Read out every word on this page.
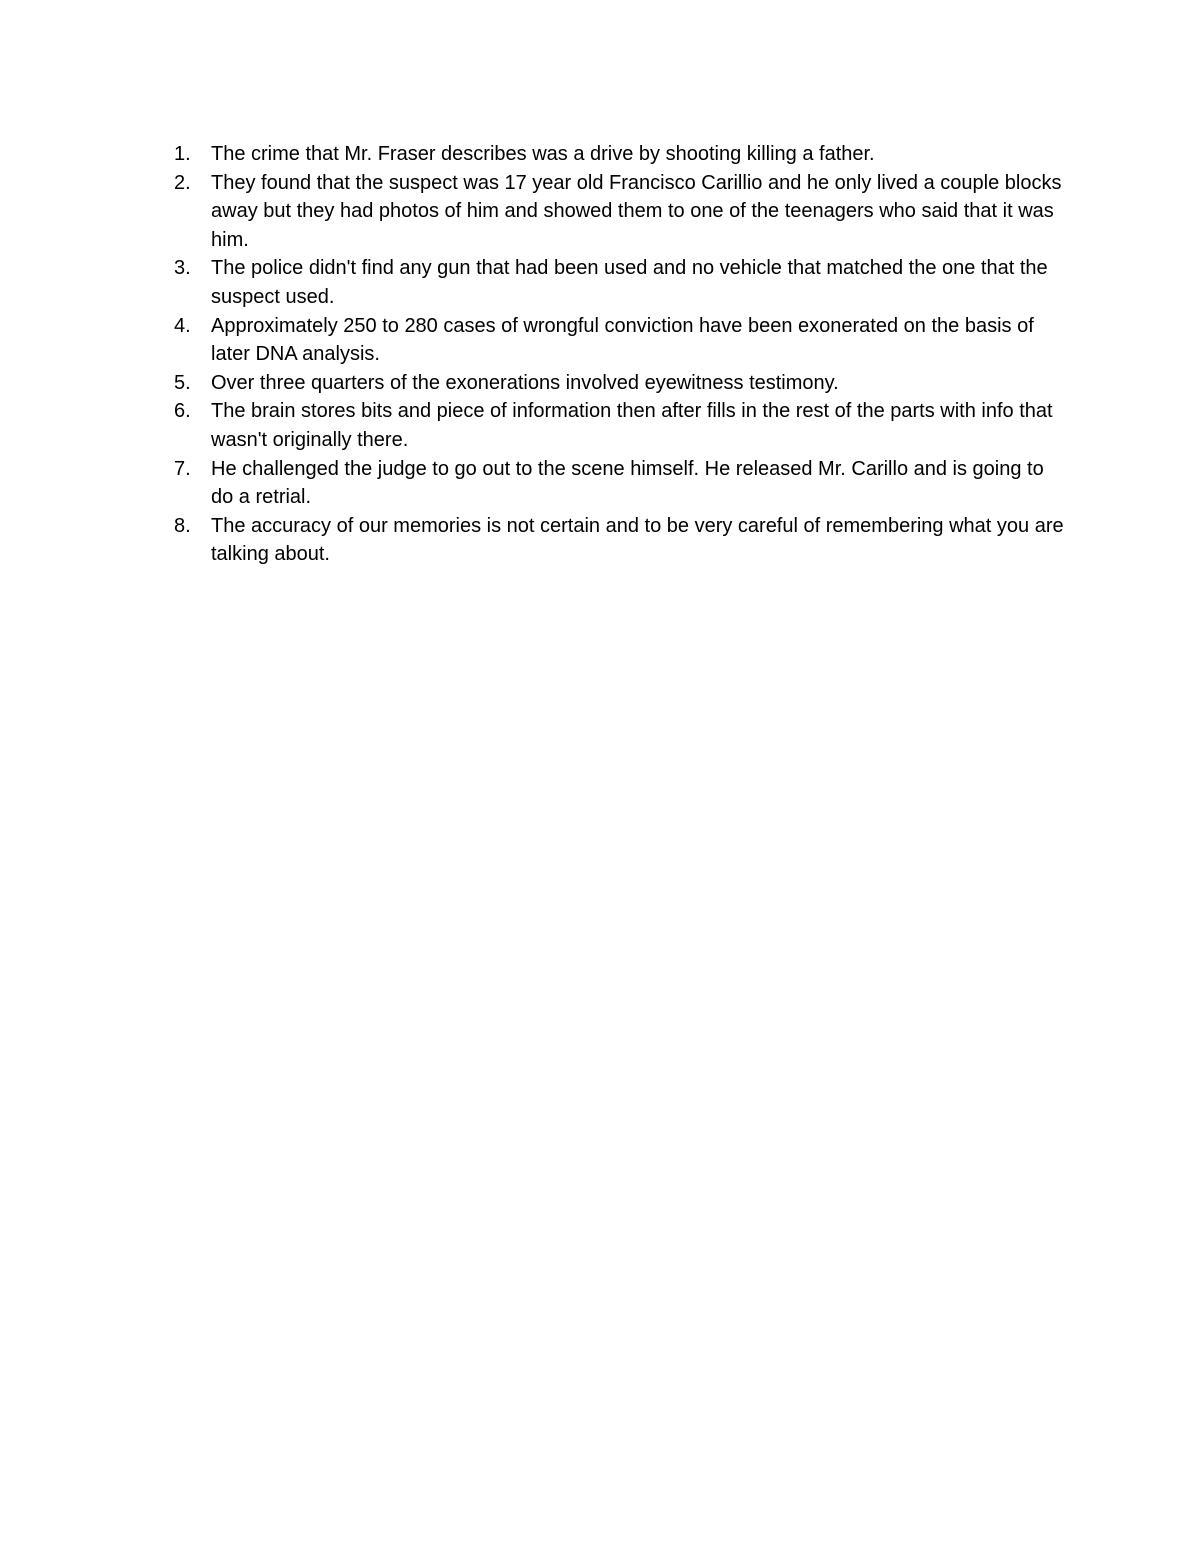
1.	The crime that Mr. Fraser describes was a drive by shooting killing a father.
2.	They found that the suspect was 17 year old Francisco Carillio and he only lived a couple blocks away but they had photos of him and showed them to one of the teenagers who said that it was him.
3.	The police didn't find any gun that had been used and no vehicle that matched the one that the suspect used.
4.	Approximately 250 to 280 cases of wrongful conviction have been exonerated on the basis of later DNA analysis.
5.	Over three quarters of the exonerations involved eyewitness testimony.
6.	The brain stores bits and piece of information then after fills in the rest of the parts with info that wasn't originally there.
7.	He challenged the judge to go out to the scene himself. He released Mr. Carillo and is going to do a retrial.
8.	The accuracy of our memories is not certain and to be very careful of remembering what you are talking about.
